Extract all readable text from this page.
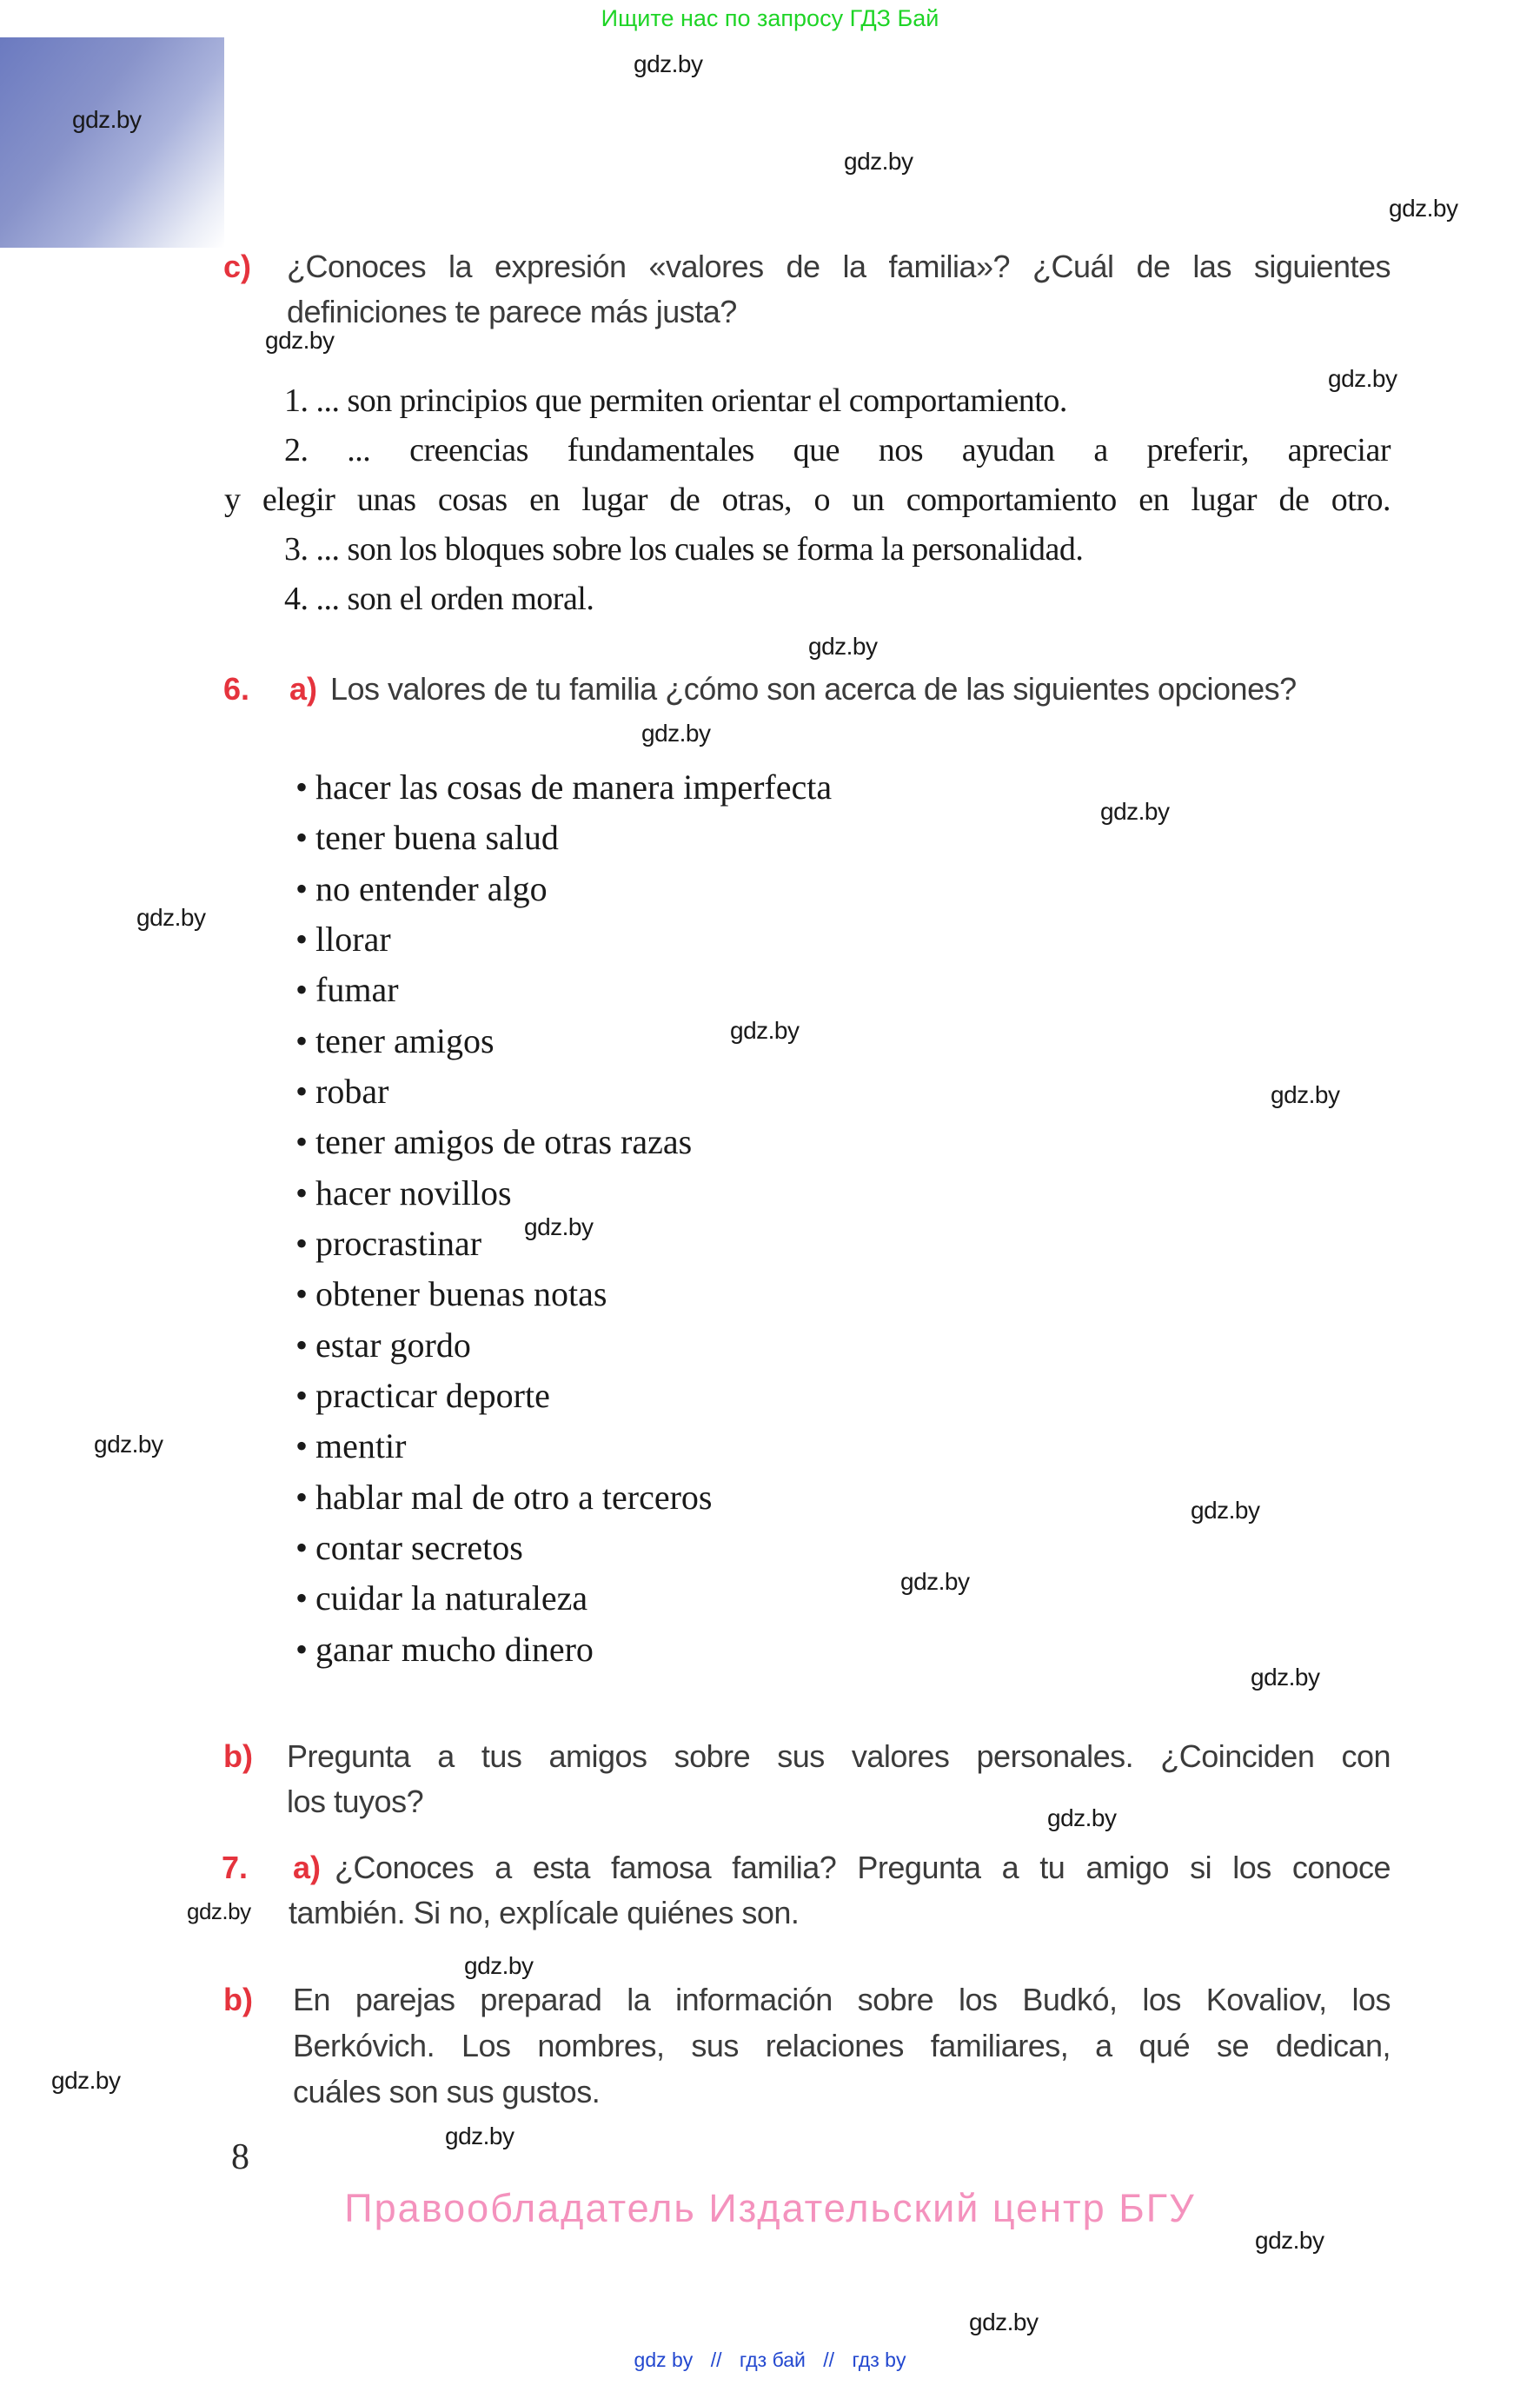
Ищите нас по запросу ГДЗ Бай
gdz.by
gdz.by
gdz.by
gdz.by
gdz.by
gdz.by
gdz.by
gdz.by
gdz.by
gdz.by
gdz.by
gdz.by
gdz.by
gdz.by
gdz.by
gdz.by
gdz.by
gdz.by
gdz.by
gdz.by
gdz.by
gdz.by
gdz.by
gdz.by
c) ¿Conoces la expresión «valores de la familia»? ¿Cuál de las siguientes
definiciones te parece más justa?
1. ... son principios que permiten orientar el comportamiento.
2. ... creencias fundamentales que nos ayudan a preferir, apreciar
y elegir unas cosas en lugar de otras, o un comportamiento en lugar de otro.
3. ... son los bloques sobre los cuales se forma la personalidad.
4. ... son el orden moral.
6. a) Los valores de tu familia ¿cómo son acerca de las siguientes opciones?
• hacer las cosas de manera imperfecta
• tener buena salud
• no entender algo
• llorar
• fumar
• tener amigos
• robar
• tener amigos de otras razas
• hacer novillos
• procrastinar
• obtener buenas notas
• estar gordo
• practicar deporte
• mentir
• hablar mal de otro a terceros
• contar secretos
• cuidar la naturaleza
• ganar mucho dinero
b) Pregunta a tus amigos sobre sus valores personales. ¿Coinciden con
los tuyos?
7. a) ¿Conoces a esta famosa familia? Pregunta a tu amigo si los conoce
también. Si no, explícale quiénes son.
b) En parejas preparad la información sobre los Budkó, los Kovaliov, los
Berkóvich. Los nombres, sus relaciones familiares, a qué se dedican,
cuáles son sus gustos.
8
Правообладатель Издательский центр БГУ
gdz by // гдз бай // гдз by
